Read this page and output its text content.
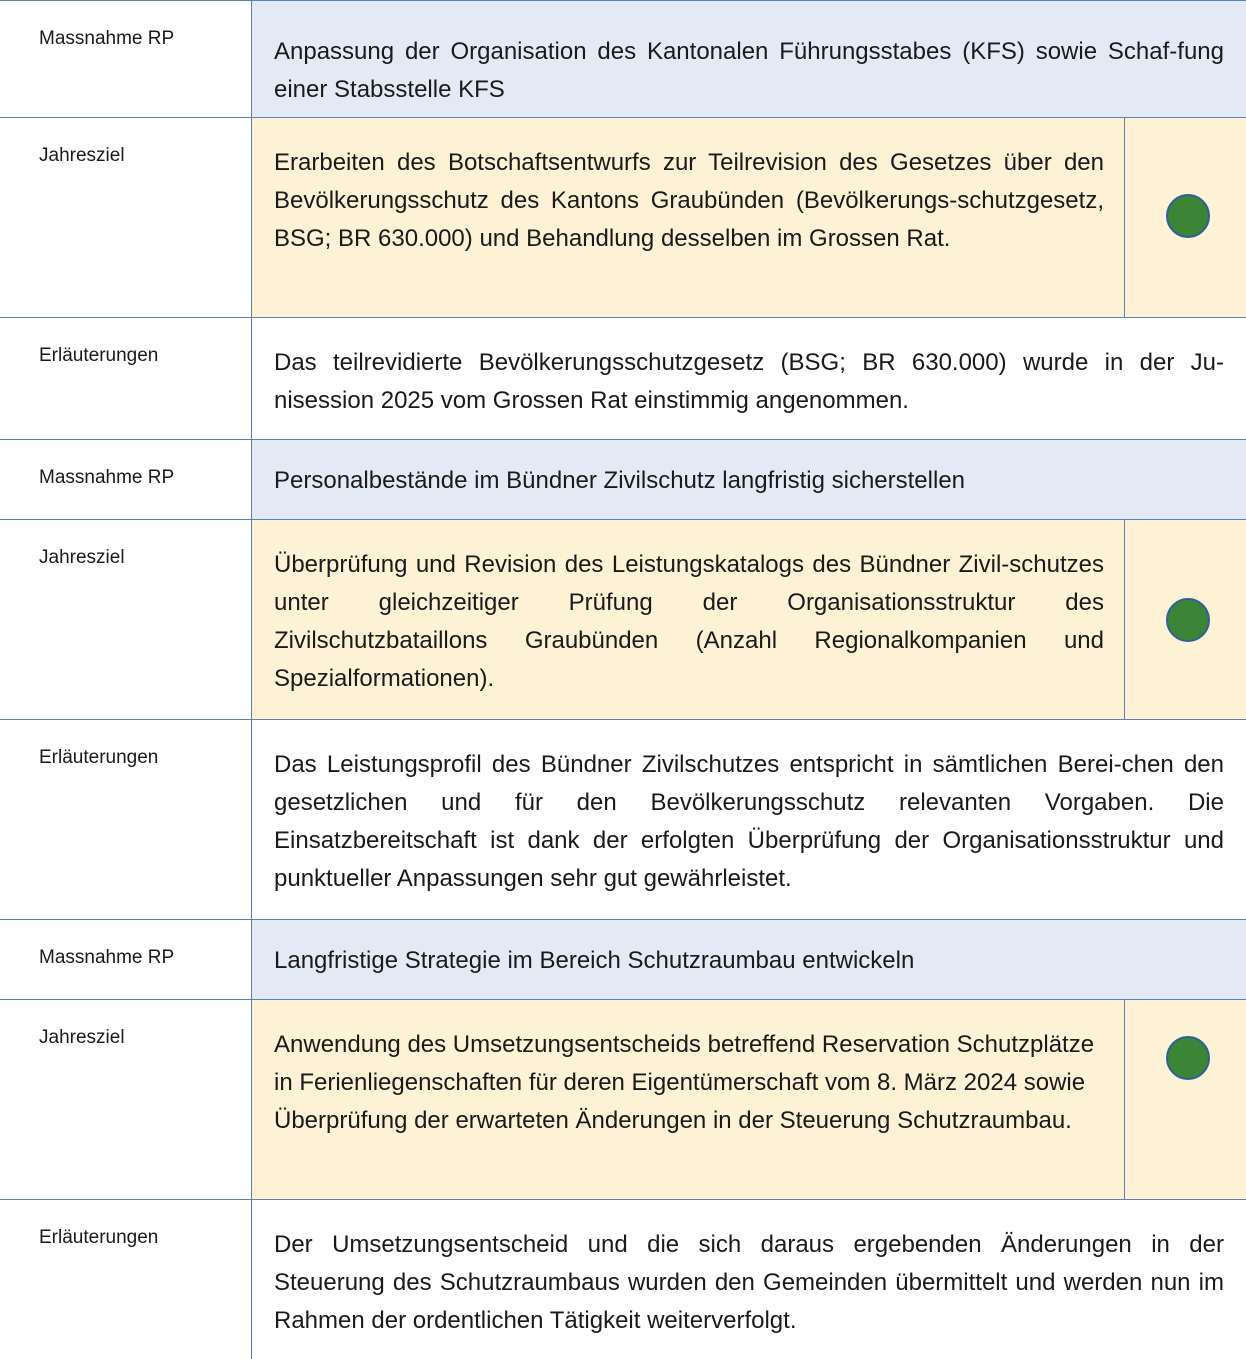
Massnahme RP	Anpassung der Organisation des Kantonalen Führungsstabes (KFS) sowie Schaf-fung einer Stabsstelle KFS
Jahresziel	Erarbeiten des Botschaftsentwurfs zur Teilrevision des Gesetzes über den Bevölkerungsschutz des Kantons Graubünden (Bevölkerungs-schutzgesetz, BSG; BR 630.000) und Behandlung desselben im Grossen Rat.
Erläuterungen	Das teilrevidierte Bevölkerungsschutzgesetz (BSG; BR 630.000) wurde in der Ju-nisession 2025 vom Grossen Rat einstimmig angenommen.
Massnahme RP	Personalbestände im Bündner Zivilschutz langfristig sicherstellen
Jahresziel	Überprüfung und Revision des Leistungskatalogs des Bündner Zivil-schutzes unter gleichzeitiger Prüfung der Organisationsstruktur des Zivilschutzbataillons Graubünden (Anzahl Regionalkompanien und Spezialformationen).
Erläuterungen	Das Leistungsprofil des Bündner Zivilschutzes entspricht in sämtlichen Berei-chen den gesetzlichen und für den Bevölkerungsschutz relevanten Vorgaben. Die Einsatzbereitschaft ist dank der erfolgten Überprüfung der Organisationsstruktur und punktueller Anpassungen sehr gut gewährleistet.
Massnahme RP	Langfristige Strategie im Bereich Schutzraumbau entwickeln
Jahresziel	Anwendung des Umsetzungsentscheids betreffend Reservation Schutzplätze in Ferienliegenschaften für deren Eigentümerschaft vom 8. März 2024 sowie Überprüfung der erwarteten Änderungen in der Steuerung Schutzraumbau.
Erläuterungen	Der Umsetzungsentscheid und die sich daraus ergebenden Änderungen in der Steuerung des Schutzraumbaus wurden den Gemeinden übermittelt und werden nun im Rahmen der ordentlichen Tätigkeit weiterverfolgt.
